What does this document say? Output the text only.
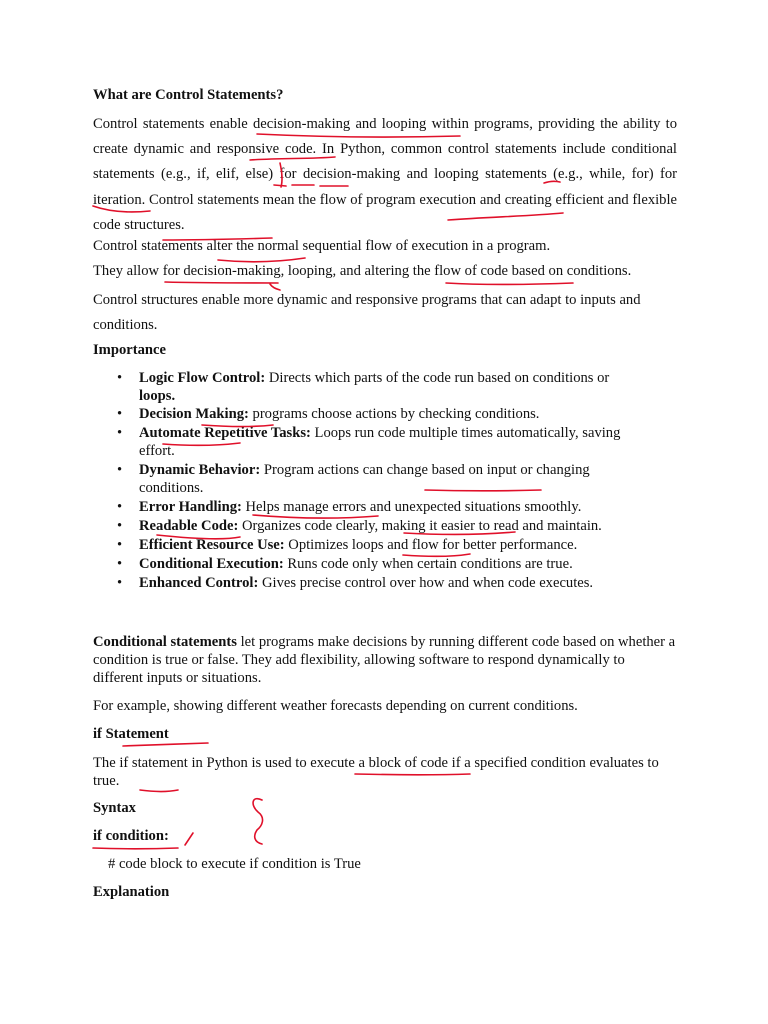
What are Control Statements?

Control statements enable decision-making and looping within programs, providing the ability to create dynamic and responsive code. In Python, common control statements include conditional statements (e.g., if, elif, else) for decision-making and looping statements (e.g., while, for) for iteration. Control statements mean the flow of program execution and creating efficient and flexible code structures.

Control statements alter the normal sequential flow of execution in a program.
They allow for decision-making, looping, and altering the flow of code based on conditions.

Control structures enable more dynamic and responsive programs that can adapt to inputs and conditions.

Importance
• Logic Flow Control: Directs which parts of the code run based on conditions or
loops.
• Decision Making: programs choose actions by checking conditions.
• Automate Repetitive Tasks: Loops run code multiple times automatically, saving effort.
• Dynamic Behavior: Program actions can change based on input or changing conditions.
• Error Handling: Helps manage errors and unexpected situations smoothly.
• Readable Code: Organizes code clearly, making it easier to read and maintain.
• Efficient Resource Use: Optimizes loops and flow for better performance.
• Conditional Execution: Runs code only when certain conditions are true.
• Enhanced Control: Gives precise control over how and when code executes.

Conditional statements let programs make decisions by running different code based on whether a condition is true or false. They add flexibility, allowing software to respond dynamically to different inputs or situations.

For example, showing different weather forecasts depending on current conditions.

if Statement

The if statement in Python is used to execute a block of code if a specified condition evaluates to true.

Syntax
if condition:
# code block to execute if condition is True
Explanation
